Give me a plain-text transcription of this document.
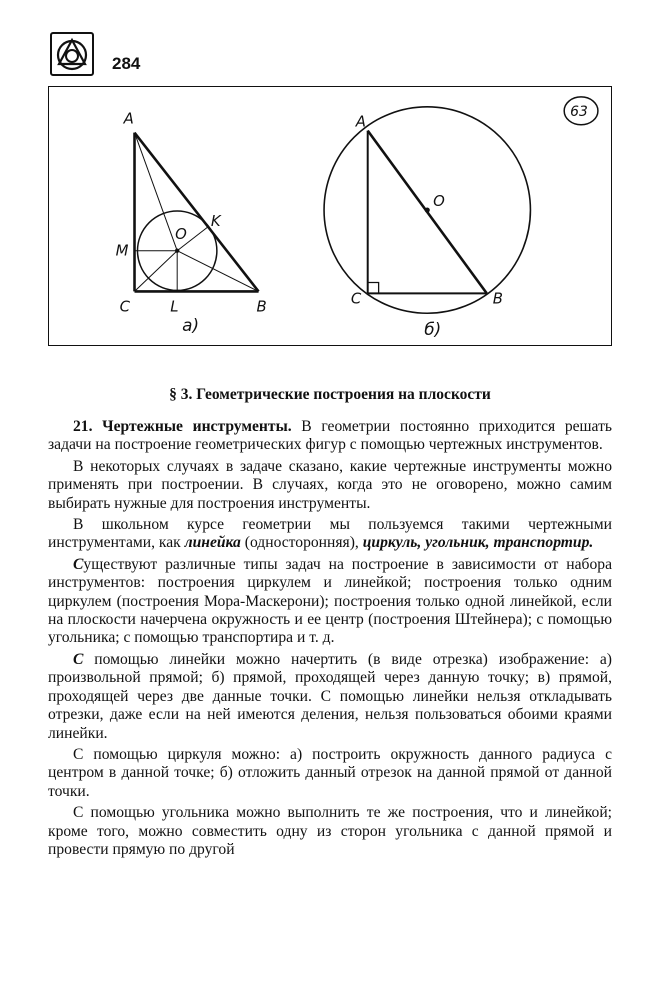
284
A
M
O
K
C	L	B
а)
A
O
C	B
б)
63
§ 3. Геометрические построения на плоскости

21. Чертежные инструменты. В геометрии постоянно приходится решать задачи на построение геометрических фигур с помощью чертежных инструментов.

В некоторых случаях в задаче сказано, какие чертежные инструменты можно применять при построении. В случаях, когда это не оговорено, можно самим выбирать нужные для построения инструменты.

В школьном курсе геометрии мы пользуемся такими чертежными инструментами, как линейка (односторонняя), циркуль, угольник, транспортир.

Существуют различные типы задач на построение в зависимости от набора инструментов: построения циркулем и линейкой; построения только одним циркулем (построения Мора-Маскерони); построения только одной линейкой, если на плоскости начерчена окружность и ее центр (построения Штейнера); с помощью угольника; с помощью транспортира и т. д.

С помощью линейки можно начертить (в виде отрезка) изображение: а) произвольной прямой; б) прямой, проходящей через данную точку; в) прямой, проходящей через две данные точки. С помощью линейки нельзя откладывать отрезки, даже если на ней имеются деления, нельзя пользоваться обоими краями линейки.

С помощью циркуля можно: а) построить окружность данного радиуса с центром в данной точке; б) отложить данный отрезок на данной прямой от данной точки.

С помощью угольника можно выполнить те же построения, что и линейкой; кроме того, можно совместить одну из сторон угольника с данной прямой и провести прямую по другой
